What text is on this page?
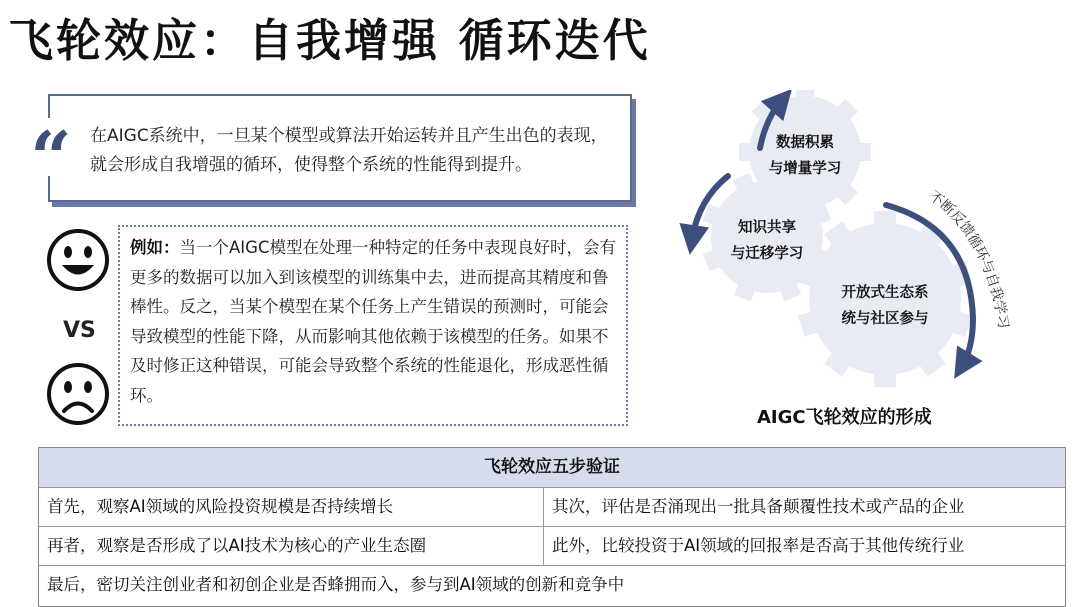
飞轮效应：自我增强 循环迭代
“ 在AIGC系统中，一旦某个模型或算法开始运转并且产生出色的表现，就会形成自我增强的循环，使得整个系统的性能得到提升。
VS
例如：当一个AIGC模型在处理一种特定的任务中表现良好时，会有更多的数据可以加入到该模型的训练集中去，进而提高其精度和鲁棒性。反之，当某个模型在某个任务上产生错误的预测时，可能会导致模型的性能下降，从而影响其他依赖于该模型的任务。如果不及时修正这种错误，可能会导致整个系统的性能退化，形成恶性循环。
不断反馈循环与自我学习
数据积累
与增量学习
知识共享
与迁移学习
开放式生态系
统与社区参与
AIGC飞轮效应的形成
飞轮效应五步验证
首先，观察AI领域的风险投资规模是否持续增长	其次，评估是否涌现出一批具备颠覆性技术或产品的企业
再者，观察是否形成了以AI技术为核心的产业生态圈	此外，比较投资于AI领域的回报率是否高于其他传统行业
最后，密切关注创业者和初创企业是否蜂拥而入，参与到AI领域的创新和竞争中
